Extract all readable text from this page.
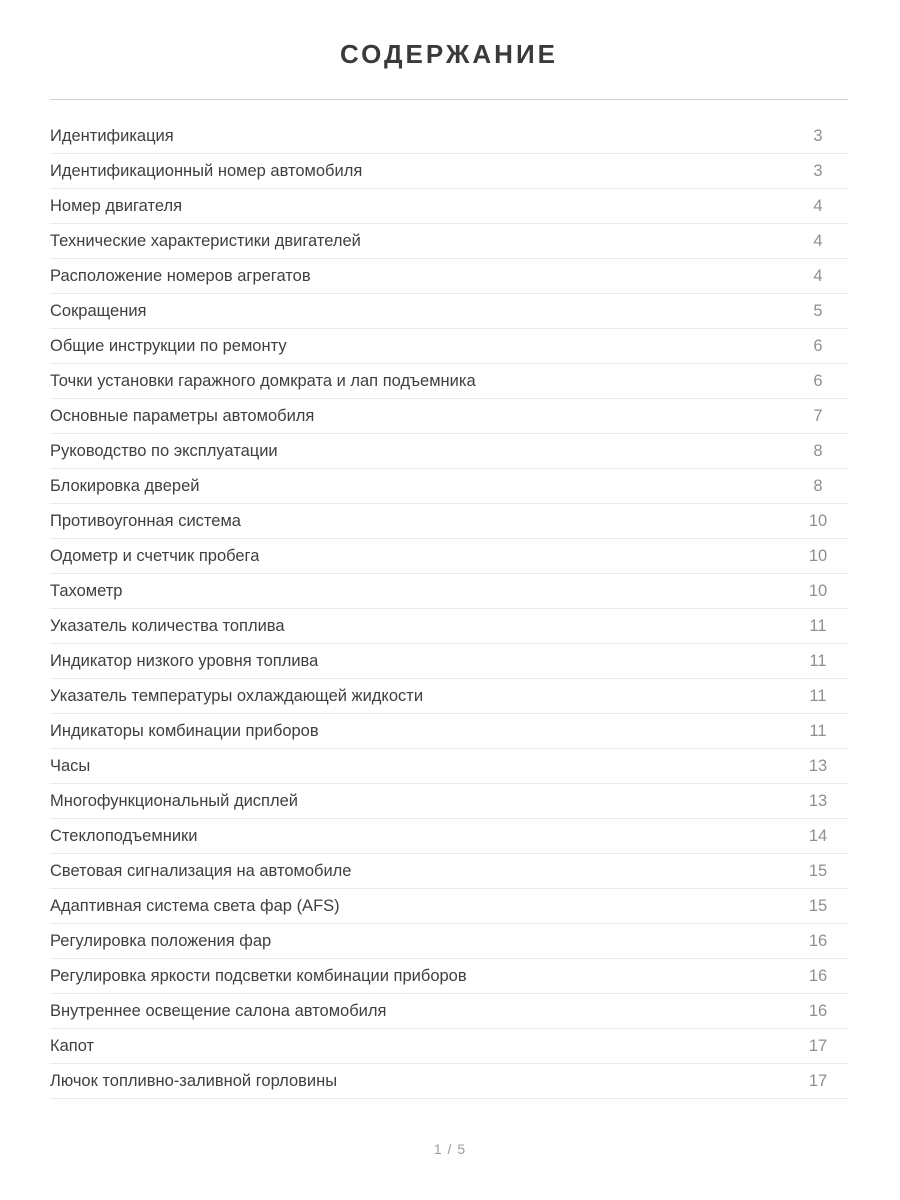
СОДЕРЖАНИЕ
Идентификация	3
Идентификационный номер автомобиля	3
Номер двигателя	4
Технические характеристики двигателей	4
Расположение номеров агрегатов	4
Сокращения	5
Общие инструкции по ремонту	6
Точки установки гаражного домкрата и лап подъемника	6
Основные параметры автомобиля	7
Руководство по эксплуатации	8
Блокировка дверей	8
Противоугонная система	10
Одометр и счетчик пробега	10
Тахометр	10
Указатель количества топлива	11
Индикатор низкого уровня топлива	11
Указатель температуры охлаждающей жидкости	11
Индикаторы комбинации приборов	11
Часы	13
Многофункциональный дисплей	13
Стеклоподъемники	14
Световая сигнализация на автомобиле	15
Адаптивная система света фар (AFS)	15
Регулировка положения фар	16
Регулировка яркости подсветки комбинации приборов	16
Внутреннее освещение салона автомобиля	16
Капот	17
Лючок топливно-заливной горловины	17
1 / 5
